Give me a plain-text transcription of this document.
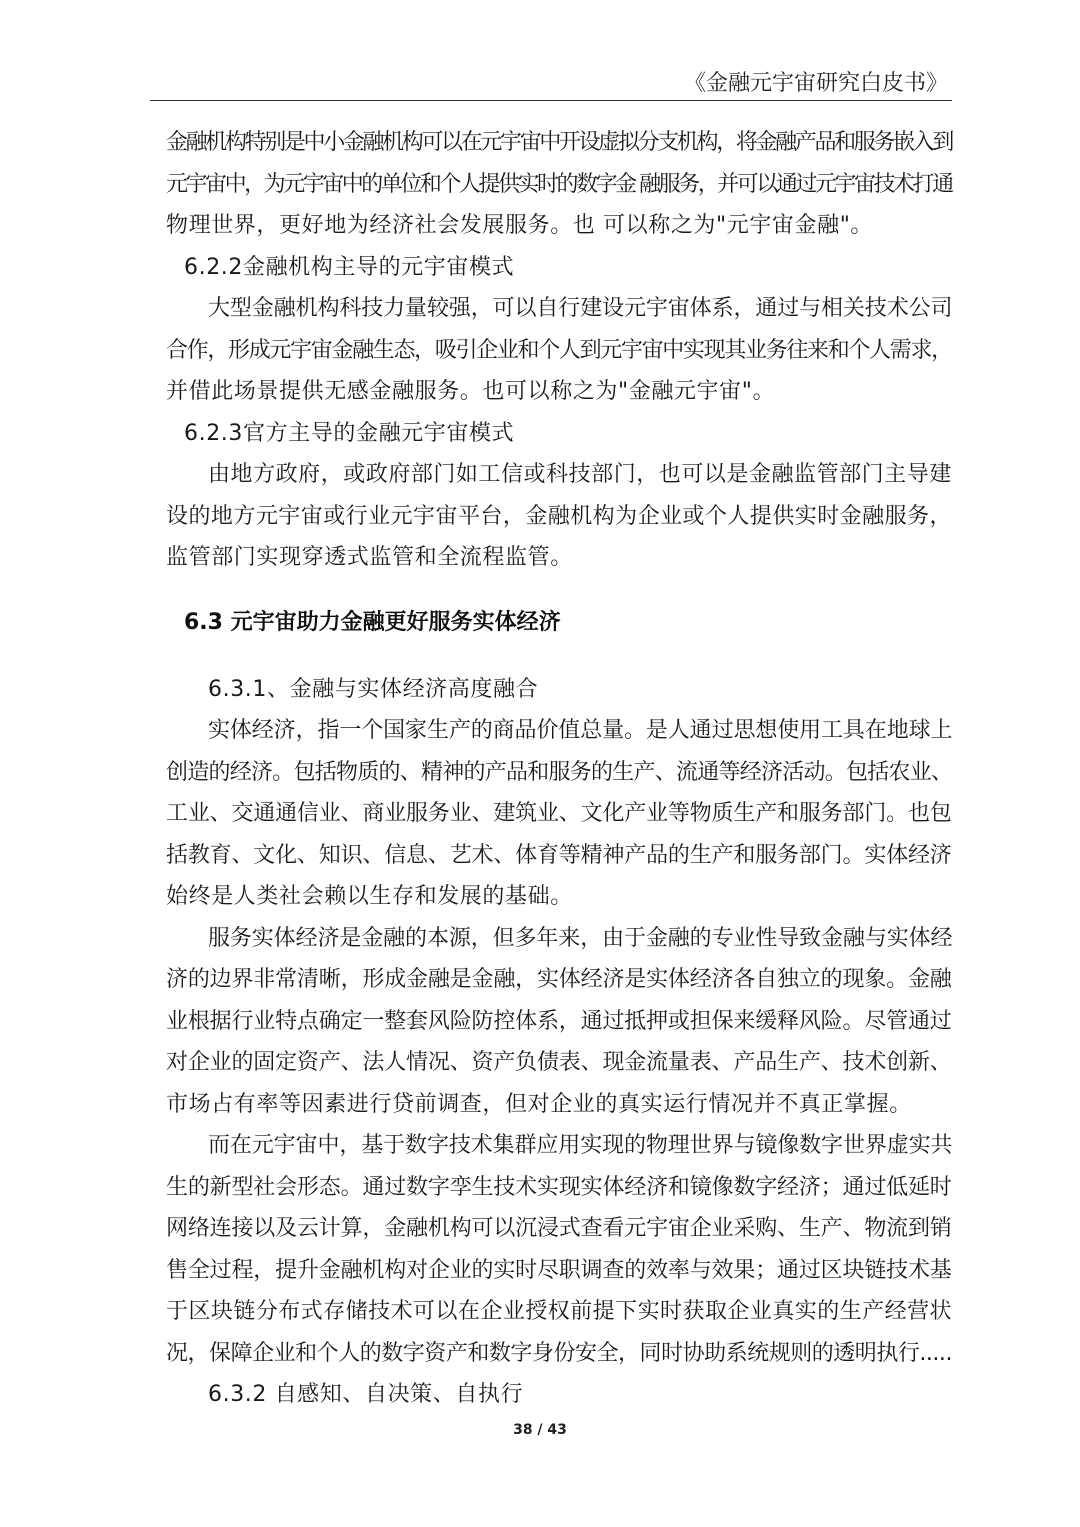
《金融元宇宙研究白皮书》
金融机构特别是中小金融机构可以在元宇宙中开设虚拟分支机构，将金融产品和服务嵌入到
元宇宙中，为元宇宙中的单位和个人提供实时的数字金 融服务，并可以通过元宇宙技术打通
物理世界，更好地为经济社会发展服务。也 可以称之为"元宇宙金融"。
6.2.2金融机构主导的元宇宙模式
大型金融机构科技力量较强，可以自行建设元宇宙体系，通过与相关技术公司
合作，形成元宇宙金融生态，吸引企业和个人到元宇宙中实现其业务往来和个人需求，
并借此场景提供无感金融服务。也可以称之为"金融元宇宙"。
6.2.3官方主导的金融元宇宙模式
由地方政府，或政府部门如工信或科技部门，也可以是金融监管部门主导建
设的地方元宇宙或行业元宇宙平台，金融机构为企业或个人提供实时金融服务，
监管部门实现穿透式监管和全流程监管。
6.3 元宇宙助力金融更好服务实体经济
6.3.1、金融与实体经济高度融合
实体经济，指一个国家生产的商品价值总量。是人通过思想使用工具在地球上
创造的经济。包括物质的、精神的产品和服务的生产、流通等经济活动。包括农业、
工业、交通通信业、商业服务业、建筑业、文化产业等物质生产和服务部门。也包
括教育、文化、知识、信息、艺术、体育等精神产品的生产和服务部门。实体经济
始终是人类社会赖以生存和发展的基础。
服务实体经济是金融的本源，但多年来，由于金融的专业性导致金融与实体经
济的边界非常清晰，形成金融是金融，实体经济是实体经济各自独立的现象。金融
业根据行业特点确定一整套风险防控体系，通过抵押或担保来缓释风险。尽管通过
对企业的固定资产、法人情况、资产负债表、现金流量表、产品生产、技术创新、
市场占有率等因素进行贷前调查，但对企业的真实运行情况并不真正掌握。
而在元宇宙中，基于数字技术集群应用实现的物理世界与镜像数字世界虚实共
生的新型社会形态。通过数字孪生技术实现实体经济和镜像数字经济；通过低延时
网络连接以及云计算，金融机构可以沉浸式查看元宇宙企业采购、生产、物流到销
售全过程，提升金融机构对企业的实时尽职调查的效率与效果；通过区块链技术基
于区块链分布式存储技术可以在企业授权前提下实时获取企业真实的生产经营状
况，保障企业和个人的数字资产和数字身份安全，同时协助系统规则的透明执行.....
6.3.2 自感知、自决策、自执行
38 / 43
